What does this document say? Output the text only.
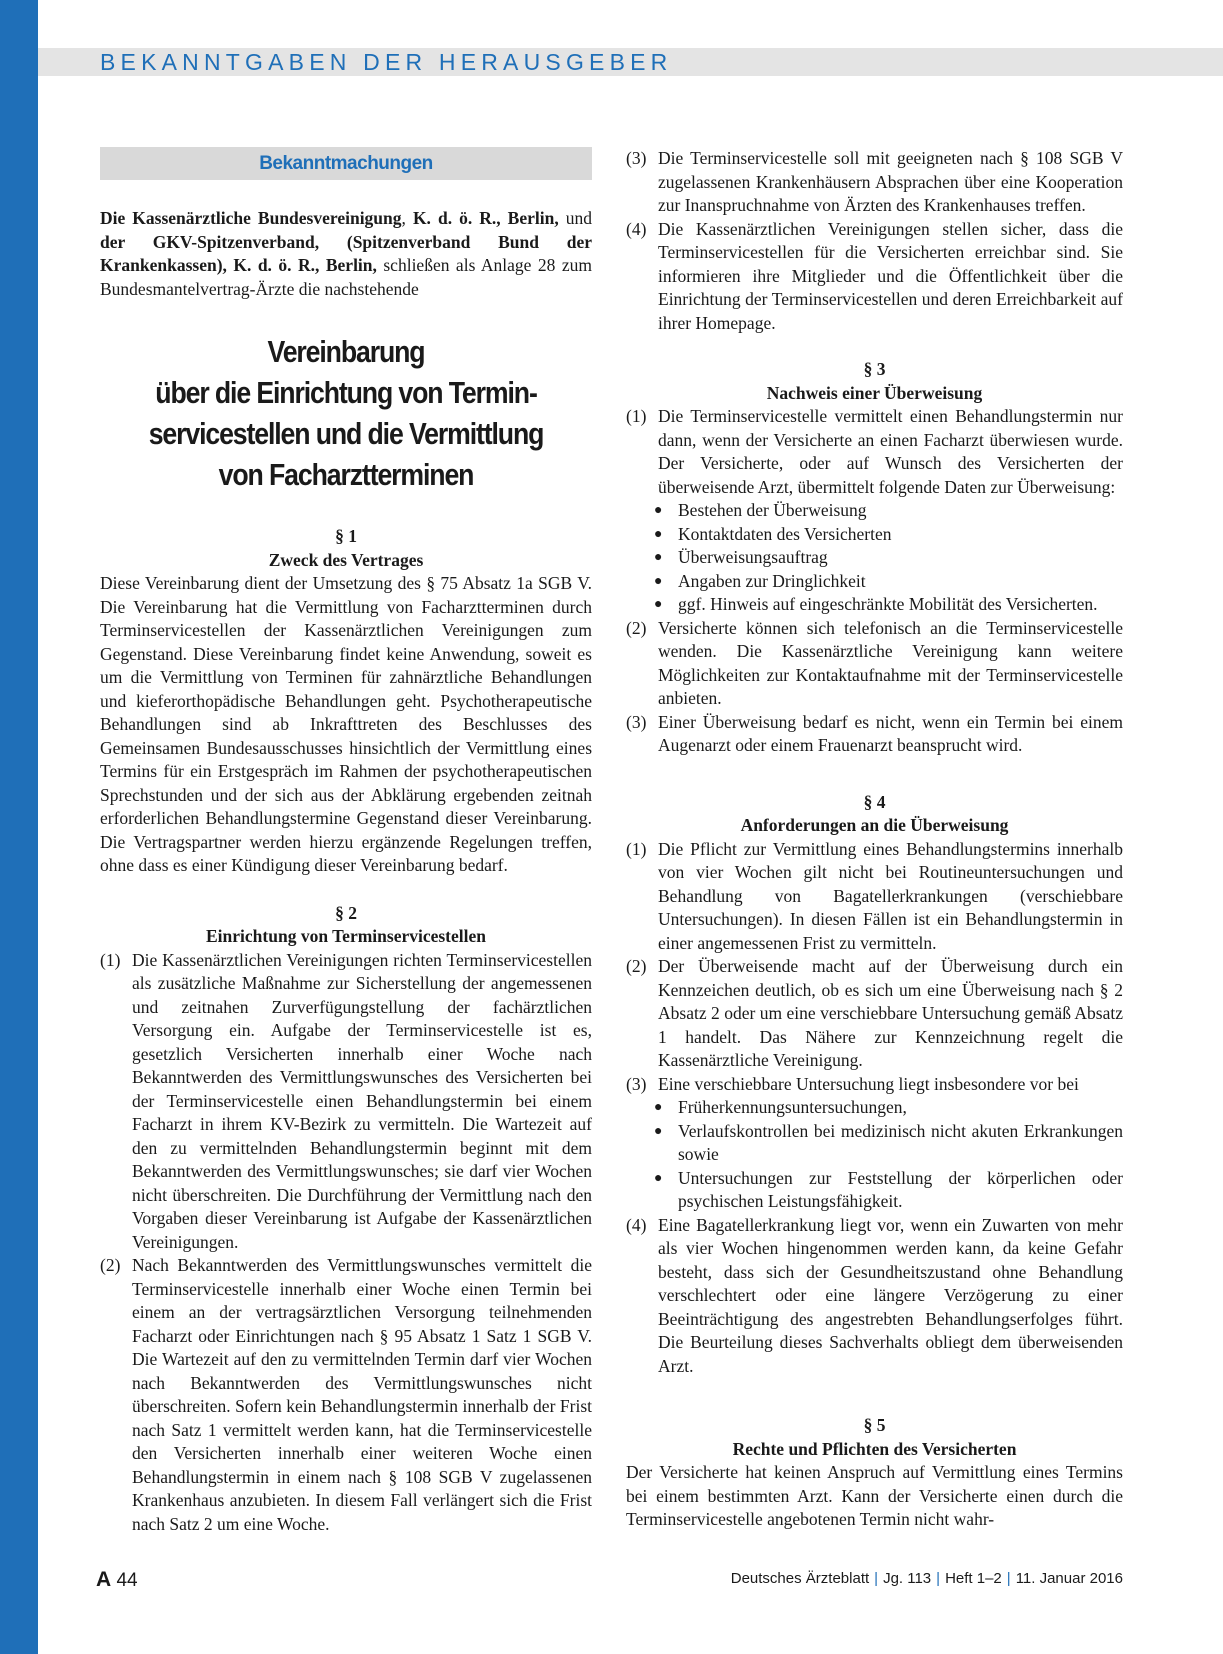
BEKANNTGABEN DER HERAUSGEBER
Bekanntmachungen

Die Kassenärztliche Bundesvereinigung, K. d. ö. R., Berlin, und der GKV-Spitzenverband, (Spitzenverband Bund der Krankenkassen), K. d. ö. R., Berlin, schließen als Anlage 28 zum Bundesmantelvertrag-Ärzte die nachstehende

Vereinbarung
über die Einrichtung von Termin-
servicestellen und die Vermittlung
von Facharztterminen
§ 1
Zweck des Vertrages

Diese Vereinbarung dient der Umsetzung des § 75 Absatz 1a SGB V. Die Vereinbarung hat die Vermittlung von Facharztterminen durch Terminservicestellen der Kassenärztlichen Vereinigungen zum Gegenstand. Diese Vereinbarung findet keine Anwendung, soweit es um die Vermittlung von Terminen für zahnärztliche Behandlungen und kieferorthopädische Behandlungen geht. Psychotherapeutische Behandlungen sind ab Inkrafttreten des Beschlusses des Gemeinsamen Bundesausschusses hinsichtlich der Vermittlung eines Termins für ein Erstgespräch im Rahmen der psychotherapeutischen Sprechstunden und der sich aus der Abklärung ergebenden zeitnah erforderlichen Behandlungstermine Gegenstand dieser Vereinbarung. Die Vertragspartner werden hierzu ergänzende Regelungen treffen, ohne dass es einer Kündigung dieser Vereinbarung bedarf.

§ 2
Einrichtung von Terminservicestellen
(1) Die Kassenärztlichen Vereinigungen richten Terminservicestellen als zusätzliche Maßnahme zur Sicherstellung der angemessenen und zeitnahen Zurverfügungstellung der fachärztlichen Versorgung ein. Aufgabe der Terminservicestelle ist es, gesetzlich Versicherten innerhalb einer Woche nach Bekanntwerden des Vermittlungswunsches des Versicherten bei der Terminservicestelle einen Behandlungstermin bei einem Facharzt in ihrem KV-Bezirk zu vermitteln. Die Wartezeit auf den zu vermittelnden Behandlungstermin beginnt mit dem Bekanntwerden des Vermittlungswunsches; sie darf vier Wochen nicht überschreiten. Die Durchführung der Vermittlung nach den Vorgaben dieser Vereinbarung ist Aufgabe der Kassenärztlichen Vereinigungen.
(2) Nach Bekanntwerden des Vermittlungswunsches vermittelt die Terminservicestelle innerhalb einer Woche einen Termin bei einem an der vertragsärztlichen Versorgung teilnehmenden Facharzt oder Einrichtungen nach § 95 Absatz 1 Satz 1 SGB V. Die Wartezeit auf den zu vermittelnden Termin darf vier Wochen nach Bekanntwerden des Vermittlungswunsches nicht überschreiten. Sofern kein Behandlungstermin innerhalb der Frist nach Satz 1 vermittelt werden kann, hat die Terminservicestelle den Versicherten innerhalb einer weiteren Woche einen Behandlungstermin in einem nach § 108 SGB V zugelassenen Krankenhaus anzubieten. In diesem Fall verlängert sich die Frist nach Satz 2 um eine Woche.
(3) Die Terminservicestelle soll mit geeigneten nach § 108 SGB V zugelassenen Krankenhäusern Absprachen über eine Kooperation zur Inanspruchnahme von Ärzten des Krankenhauses treffen.
(4) Die Kassenärztlichen Vereinigungen stellen sicher, dass die Terminservicestellen für die Versicherten erreichbar sind. Sie informieren ihre Mitglieder und die Öffentlichkeit über die Einrichtung der Terminservicestellen und deren Erreichbarkeit auf ihrer Homepage.
§ 3
Nachweis einer Überweisung
(1) Die Terminservicestelle vermittelt einen Behandlungstermin nur dann, wenn der Versicherte an einen Facharzt überwiesen wurde. Der Versicherte, oder auf Wunsch des Versicherten der überweisende Arzt, übermittelt folgende Daten zur Überweisung:
● Bestehen der Überweisung
● Kontaktdaten des Versicherten
● Überweisungsauftrag
● Angaben zur Dringlichkeit
● ggf. Hinweis auf eingeschränkte Mobilität des Versicherten.
(2) Versicherte können sich telefonisch an die Terminservicestelle wenden. Die Kassenärztliche Vereinigung kann weitere Möglichkeiten zur Kontaktaufnahme mit der Terminservicestelle anbieten.
(3) Einer Überweisung bedarf es nicht, wenn ein Termin bei einem Augenarzt oder einem Frauenarzt beansprucht wird.
§ 4
Anforderungen an die Überweisung
(1) Die Pflicht zur Vermittlung eines Behandlungstermins innerhalb von vier Wochen gilt nicht bei Routineuntersuchungen und Behandlung von Bagatellerkrankungen (verschiebbare Untersuchungen). In diesen Fällen ist ein Behandlungstermin in einer angemessenen Frist zu vermitteln.
(2) Der Überweisende macht auf der Überweisung durch ein Kennzeichen deutlich, ob es sich um eine Überweisung nach § 2 Absatz 2 oder um eine verschiebbare Untersuchung gemäß Absatz 1 handelt. Das Nähere zur Kennzeichnung regelt die Kassenärztliche Vereinigung.
(3) Eine verschiebbare Untersuchung liegt insbesondere vor bei
● Früherkennungsuntersuchungen,
● Verlaufskontrollen bei medizinisch nicht akuten Erkrankungen sowie
● Untersuchungen zur Feststellung der körperlichen oder psychischen Leistungsfähigkeit.
(4) Eine Bagatellerkrankung liegt vor, wenn ein Zuwarten von mehr als vier Wochen hingenommen werden kann, da keine Gefahr besteht, dass sich der Gesundheitszustand ohne Behandlung verschlechtert oder eine längere Verzögerung zu einer Beeinträchtigung des angestrebten Behandlungserfolges führt. Die Beurteilung dieses Sachverhalts obliegt dem überweisenden Arzt.
§ 5
Rechte und Pflichten des Versicherten

Der Versicherte hat keinen Anspruch auf Vermittlung eines Termins bei einem bestimmten Arzt. Kann der Versicherte einen durch die Terminservicestelle angebotenen Termin nicht wahr-

A 44	Deutsches Ärzteblatt | Jg. 113 | Heft 1–2 | 11. Januar 2016
